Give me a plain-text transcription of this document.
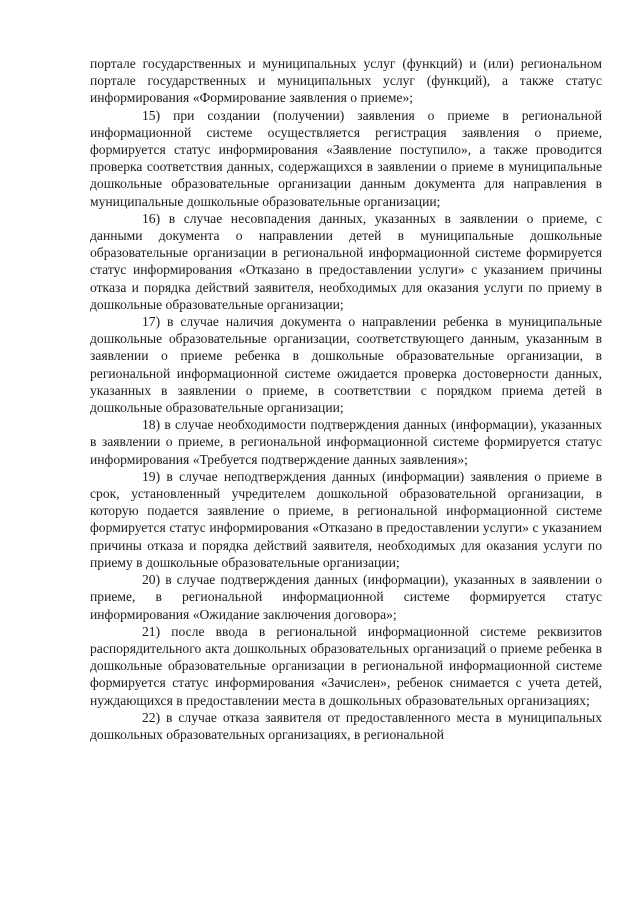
портале государственных и муниципальных услуг (функций) и (или) региональном портале государственных и муниципальных услуг (функций), а также статус информирования «Формирование заявления о приеме»;

15) при создании (получении) заявления о приеме в региональной информационной системе осуществляется регистрация заявления о приеме, формируется статус информирования «Заявление поступило», а также проводится проверка соответствия данных, содержащихся в заявлении о приеме в муниципальные дошкольные образовательные организации данным документа для направления в муниципальные дошкольные образовательные организации;

16) в случае несовпадения данных, указанных в заявлении о приеме, с данными документа о направлении детей в муниципальные дошкольные образовательные организации в региональной информационной системе формируется статус информирования «Отказано в предоставлении услуги» с указанием причины отказа и порядка действий заявителя, необходимых для оказания услуги по приему в дошкольные образовательные организации;

17) в случае наличия документа о направлении ребенка в муниципальные дошкольные образовательные организации, соответствующего данным, указанным в заявлении о приеме ребенка в дошкольные образовательные организации, в региональной информационной системе ожидается проверка достоверности данных, указанных в заявлении о приеме, в соответствии с порядком приема детей в дошкольные образовательные организации;

18) в случае необходимости подтверждения данных (информации), указанных в заявлении о приеме, в региональной информационной системе формируется статус информирования «Требуется подтверждение данных заявления»;

19) в случае неподтверждения данных (информации) заявления о приеме в срок, установленный учредителем дошкольной образовательной организации, в которую подается заявление о приеме, в региональной информационной системе формируется статус информирования «Отказано в предоставлении услуги» с указанием причины отказа и порядка действий заявителя, необходимых для оказания услуги по приему в дошкольные образовательные организации;

20) в случае подтверждения данных (информации), указанных в заявлении о приеме, в региональной информационной системе формируется статус информирования «Ожидание заключения договора»;

21) после ввода в региональной информационной системе реквизитов распорядительного акта дошкольных образовательных организаций о приеме ребенка в дошкольные образовательные организации в региональной информационной системе формируется статус информирования «Зачислен», ребенок снимается с учета детей, нуждающихся в предоставлении места в дошкольных образовательных организациях;

22) в случае отказа заявителя от предоставленного места в муниципальных дошкольных образовательных организациях, в региональной
